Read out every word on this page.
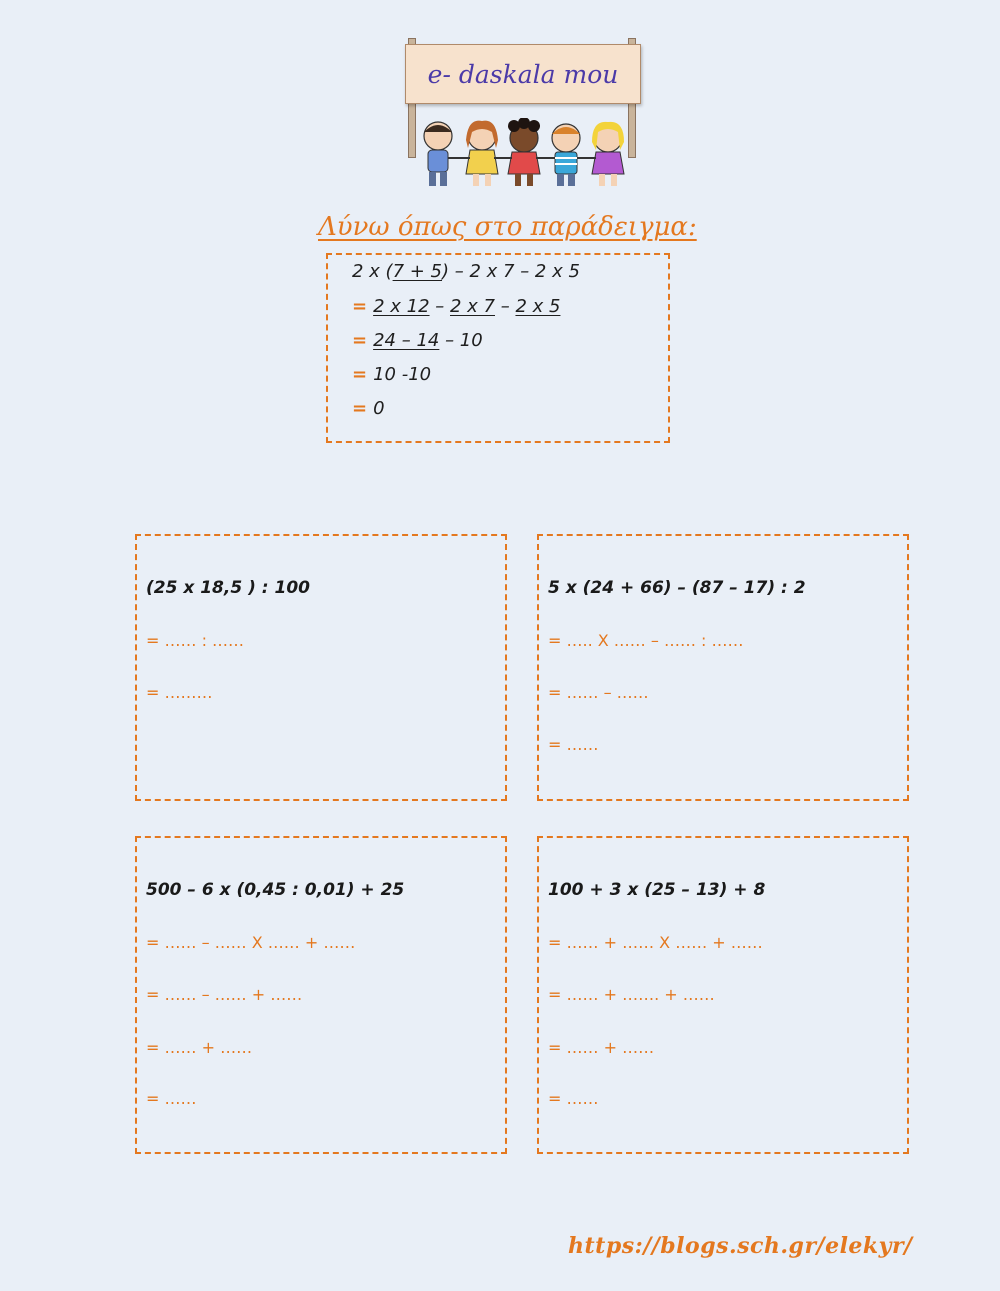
e- daskala mou
Λύνω όπως στο παράδειγμα:
2 x (7 + 5) – 2 x 7 – 2 x 5
= 2 x 12 – 2 x 7 – 2 x 5
= 24 – 14 – 10
= 10 -10
= 0
(25 x 18,5 ) : 100
= …… : ……
= ………
5 x (24 + 66) – (87 – 17) : 2
= ….. X …… – …… : ……
= …… – ……
= ……
500 – 6 x (0,45 : 0,01) + 25
= …… – …… X …… + ……
= …… – …… + ……
= …… + ……
= ……
100 + 3 x (25 – 13) + 8
= …… + …… X …… + ……
= …… + ……. + ……
= …… + ……
= ……
https://blogs.sch.gr/elekyr/
